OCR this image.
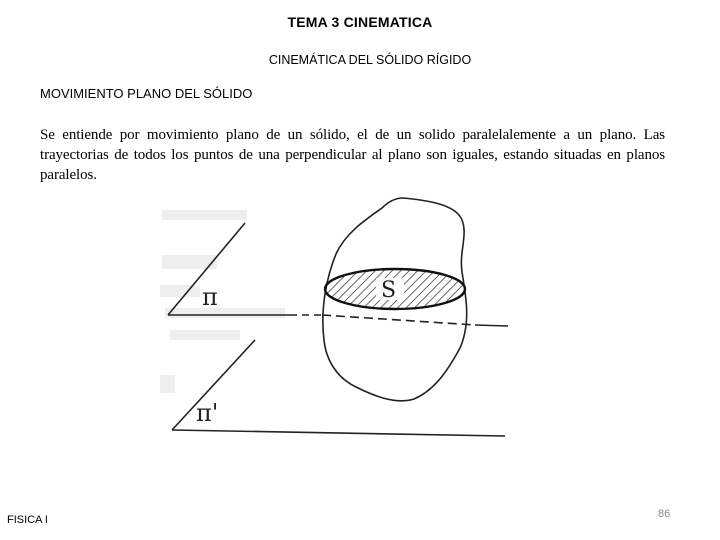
TEMA 3 CINEMATICA
CINEMÁTICA DEL SÓLIDO RÍGIDO
MOVIMIENTO PLANO DEL SÓLIDO
Se entiende por movimiento plano de un sólido, el de un solido paralelalemente a un plano. Las trayectorias de todos los puntos de una perpendicular al plano son iguales, estando situadas en planos paralelos.
S
π
π'
FISICA I	86
